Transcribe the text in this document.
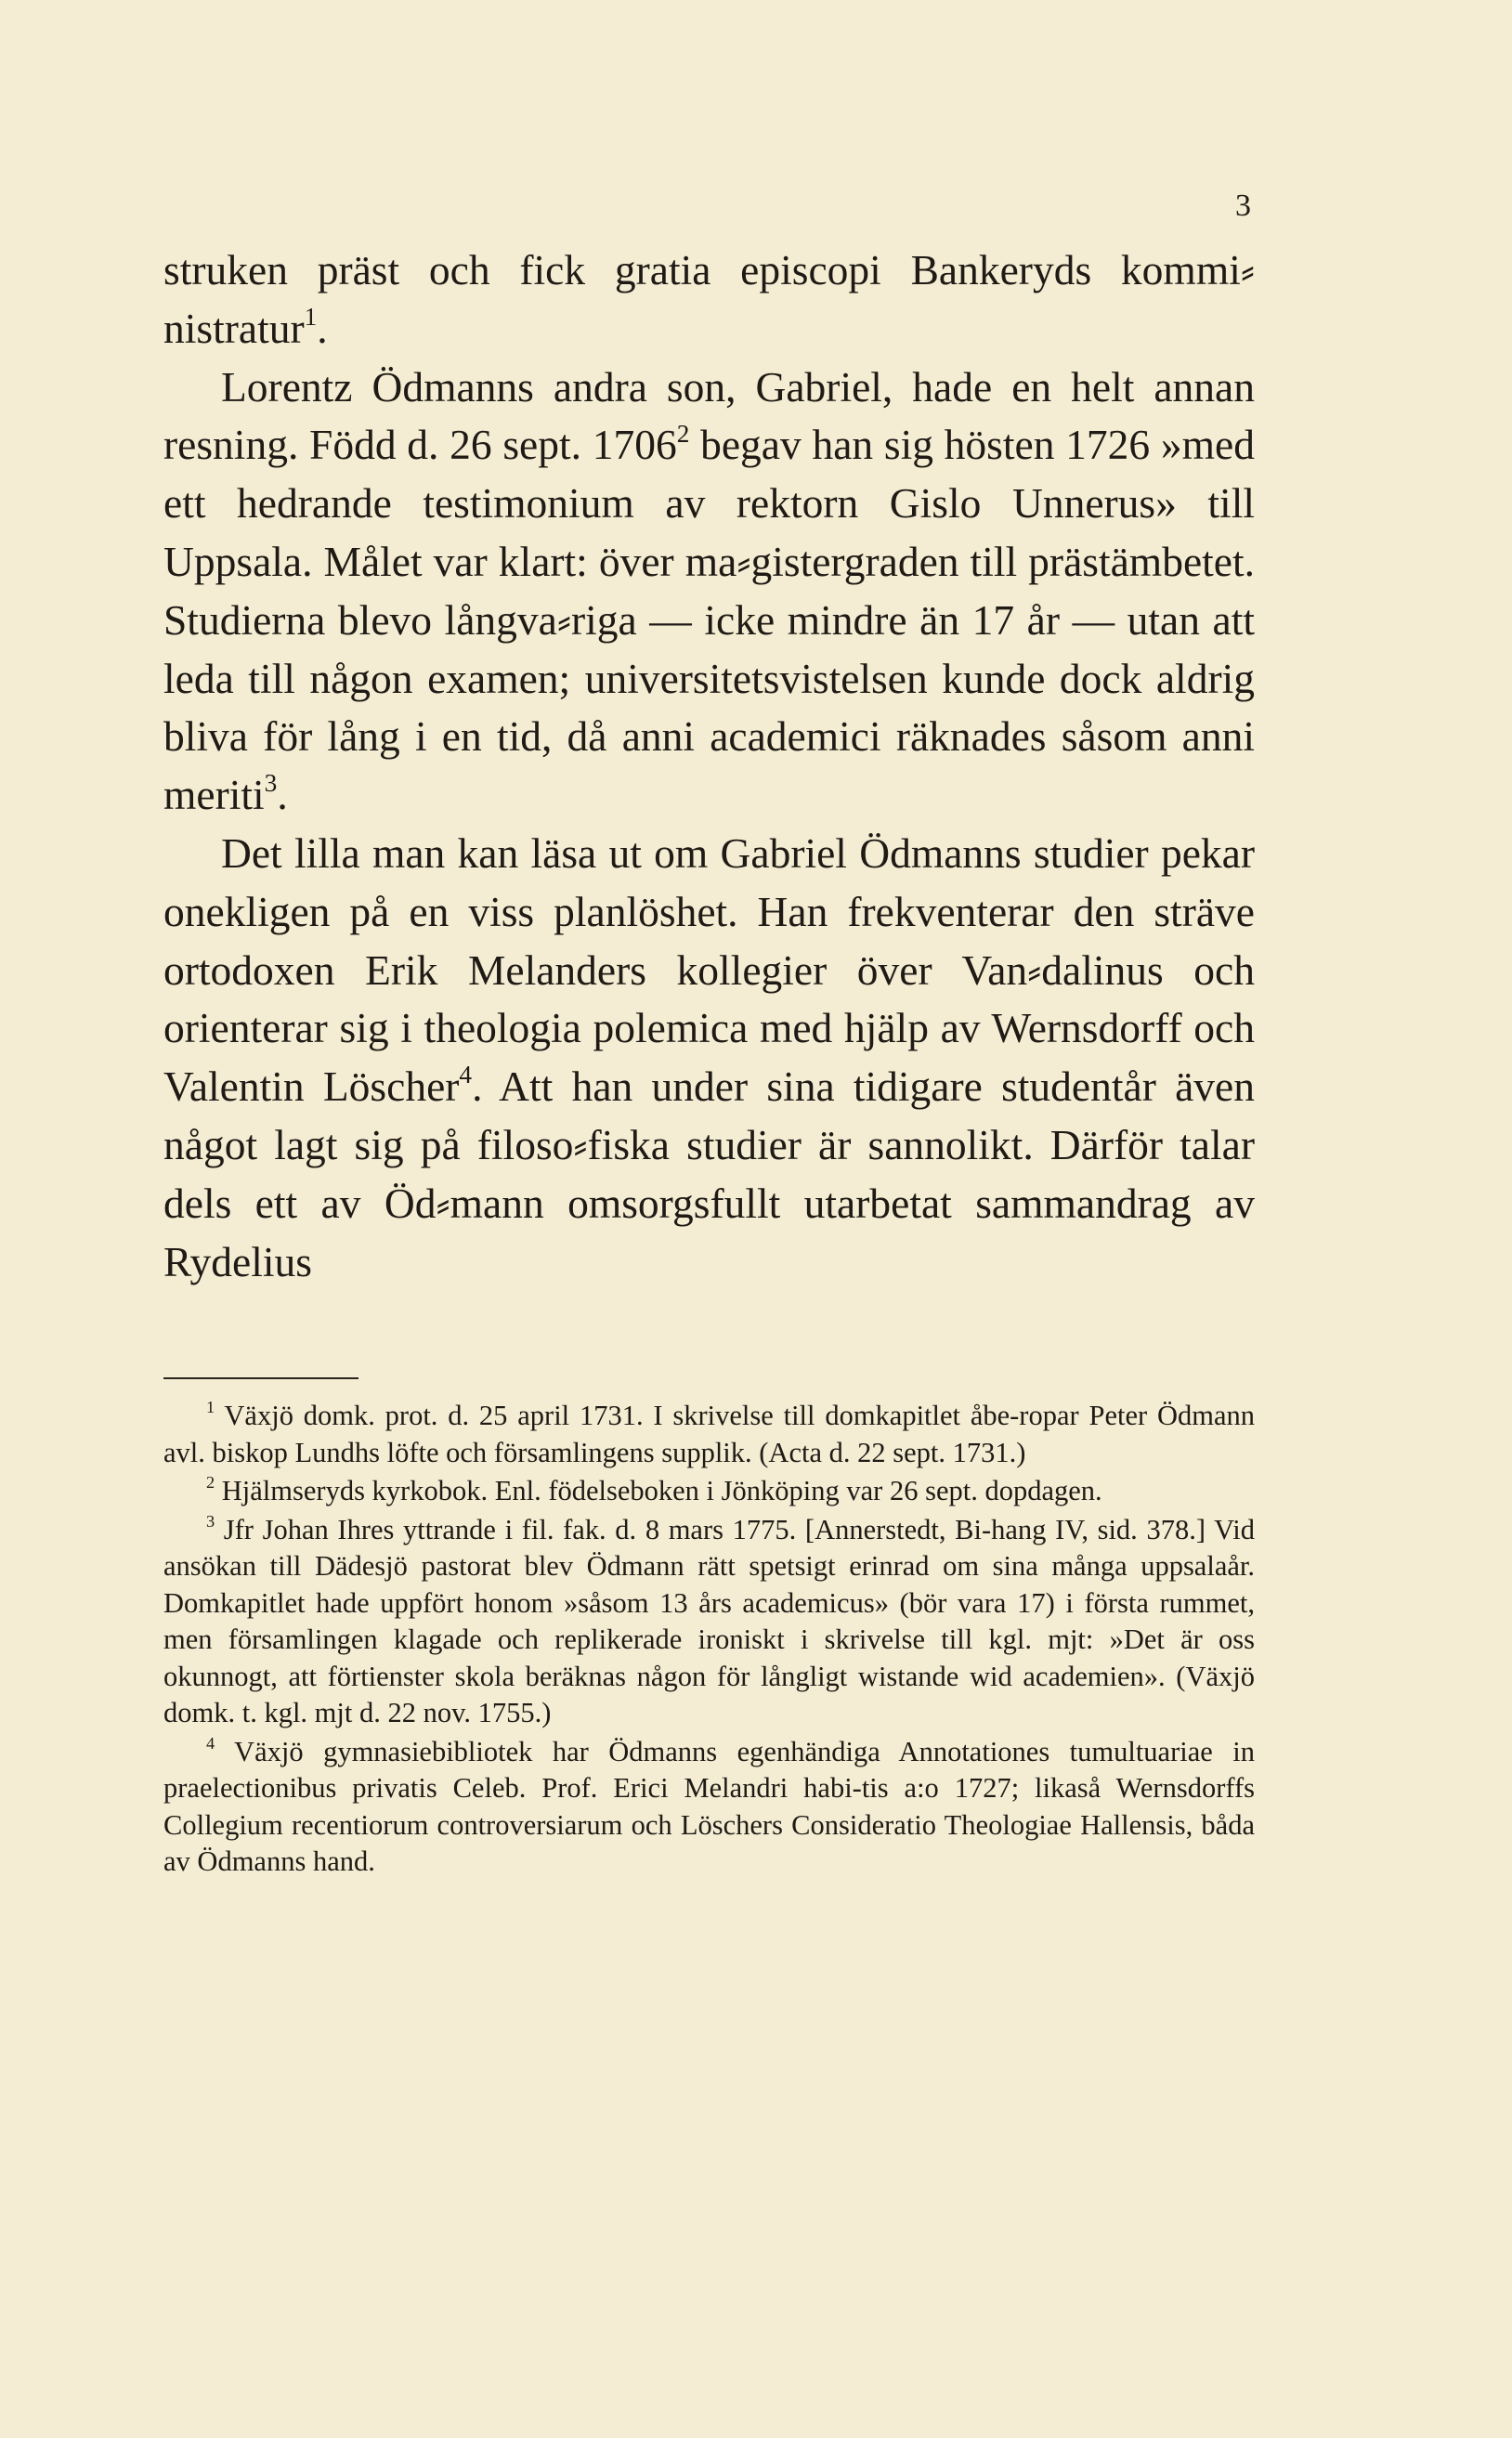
3

struken präst och fick gratia episcopi Bankeryds kommi⸗nistratur$^1$.

Lorentz Ödmanns andra son, Gabriel, hade en helt annan resning. Född d. 26 sept. 1706$^2$ begav han sig hösten 1726 »med ett hedrande testimonium av rektorn Gislo Unnerus» till Uppsala. Målet var klart: över ma⸗gistergraden till prästämbetet. Studierna blevo långva⸗riga — icke mindre än 17 år — utan att leda till någon examen; universitetsvistelsen kunde dock aldrig bliva för lång i en tid, då anni academici räknades såsom anni meriti$^3$.

Det lilla man kan läsa ut om Gabriel Ödmanns studier pekar onekligen på en viss planlöshet. Han frekventerar den sträve ortodoxen Erik Melanders kollegier över Van⸗dalinus och orienterar sig i theologia polemica med hjälp av Wernsdorff och Valentin Löscher$^4$. Att han under sina tidigare studentår även något lagt sig på filoso⸗fiska studier är sannolikt. Därför talar dels ett av Öd⸗mann omsorgsfullt utarbetat sammandrag av Rydelius

$^1$ Växjö domk. prot. d. 25 april 1731. I skrivelse till domkapitlet åbe-ropar Peter Ödmann avl. biskop Lundhs löfte och församlingens supplik. (Acta d. 22 sept. 1731.)

$^2$ Hjälmseryds kyrkobok. Enl. födelseboken i Jönköping var 26 sept. dopdagen.

$^3$ Jfr Johan Ihres yttrande i fil. fak. d. 8 mars 1775. [Annerstedt, Bi-hang IV, sid. 378.] Vid ansökan till Dädesjö pastorat blev Ödmann rätt spetsigt erinrad om sina många uppsalaår. Domkapitlet hade uppfört honom »såsom 13 års academicus» (bör vara 17) i första rummet, men församlingen klagade och replikerade ironiskt i skrivelse till kgl. mjt: »Det är oss okunnogt, att förtienster skola beräknas någon för långligt wistande wid academien». (Växjö domk. t. kgl. mjt d. 22 nov. 1755.)

$^4$ Växjö gymnasiebibliotek har Ödmanns egenhändiga Annotationes tumultuariae in praelectionibus privatis Celeb. Prof. Erici Melandri habi-tis a:o 1727; likaså Wernsdorffs Collegium recentiorum controversiarum och Löschers Consideratio Theologiae Hallensis, båda av Ödmanns hand.
